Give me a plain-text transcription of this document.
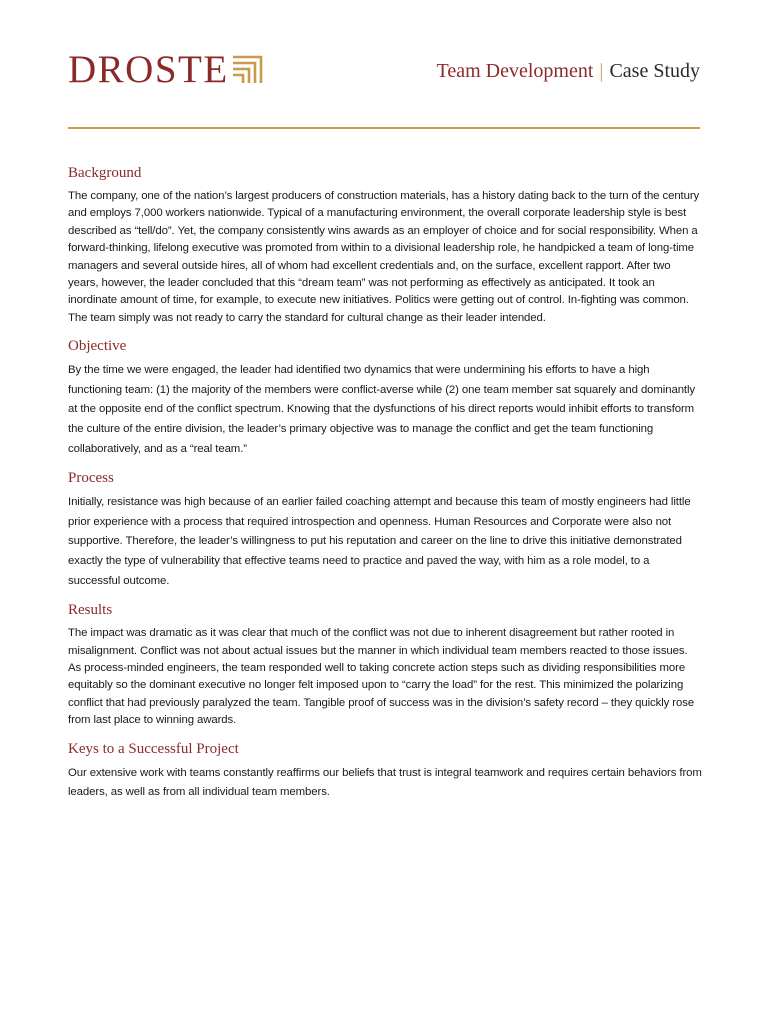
DROSTE	Team Development | Case Study
Background

The company, one of the nation’s largest producers of construction materials, has a history dating back to the turn of the century and employs 7,000 workers nationwide. Typical of a manufacturing environment, the overall corporate leadership style is best described as “tell/do”. Yet, the company consistently wins awards as an employer of choice and for social responsibility. When a forward-thinking, lifelong executive was promoted from within to a divisional leadership role, he handpicked a team of long-time managers and several outside hires, all of whom had excellent credentials and, on the surface, excellent rapport. After two years, however, the leader concluded that this “dream team” was not performing as effectively as anticipated. It took an inordinate amount of time, for example, to execute new initiatives. Politics were getting out of control. In-fighting was common. The team simply was not ready to carry the standard for cultural change as their leader intended.

Objective

By the time we were engaged, the leader had identified two dynamics that were undermining his efforts to have a high functioning team: (1) the majority of the members were conflict-averse while (2) one team member sat squarely and dominantly at the opposite end of the conflict spectrum. Knowing that the dysfunctions of his direct reports would inhibit efforts to transform the culture of the entire division, the leader’s primary objective was to manage the conflict and get the team functioning collaboratively, and as a “real team.”

Process

Initially, resistance was high because of an earlier failed coaching attempt and because this team of mostly engineers had little prior experience with a process that required introspection and openness. Human Resources and Corporate were also not supportive. Therefore, the leader’s willingness to put his reputation and career on the line to drive this initiative demonstrated exactly the type of vulnerability that effective teams need to practice and paved the way, with him as a role model, to a successful outcome.

Results

The impact was dramatic as it was clear that much of the conflict was not due to inherent disagreement but rather rooted in misalignment. Conflict was not about actual issues but the manner in which individual team members reacted to those issues. As process-minded engineers, the team responded well to taking concrete action steps such as dividing responsibilities more equitably so the dominant executive no longer felt imposed upon to “carry the load” for the rest. This minimized the polarizing conflict that had previously paralyzed the team. Tangible proof of success was in the division’s safety record – they quickly rose from last place to winning awards.

Keys to a Successful Project

Our extensive work with teams constantly reaffirms our beliefs that trust is integral teamwork and requires certain behaviors from leaders, as well as from all individual team members.
